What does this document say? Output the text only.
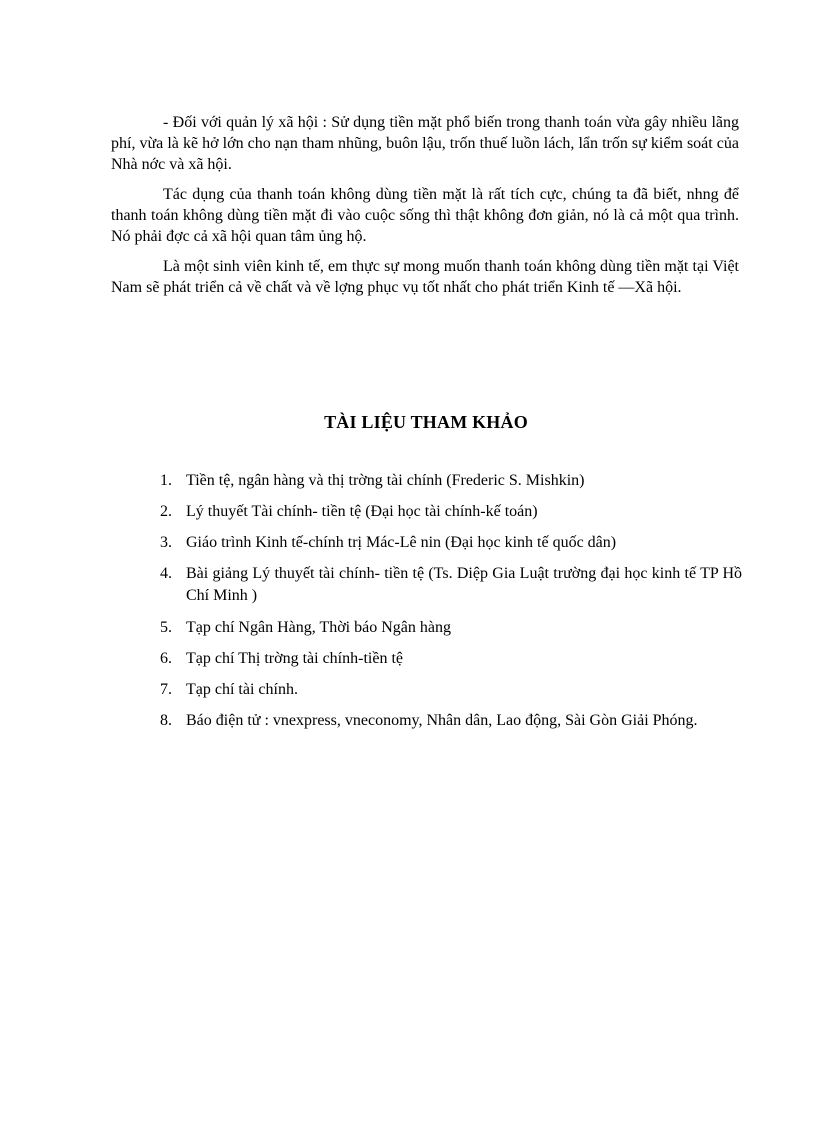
- Đối với quản lý xã hội : Sử dụng tiền mặt phổ biến trong thanh toán vừa gây nhiều lãng phí, vừa là kẽ hở lớn cho nạn tham nhũng, buôn lậu, trốn thuế luồn lách, lẩn trốn sự kiểm soát của Nhà nớc và xã hội.

Tác dụng của thanh toán không dùng tiền mặt là rất tích cực, chúng ta đã biết, nhng để thanh toán không dùng tiền mặt đi vào cuộc sống thì thật không đơn giản, nó là cả một qua trình. Nó phải đợc cả xã hội quan tâm ủng hộ.

Là một sinh viên kinh tế, em thực sự mong muốn thanh toán không dùng tiền mặt tại Việt Nam sẽ phát triển cả về chất và về lợng phục vụ tốt nhất cho phát triển Kinh tế —Xã hội.

TÀI LIỆU THAM KHẢO
1. Tiền tệ, ngân hàng và thị trờng tài chính (Frederic S. Mishkin)
2. Lý thuyết Tài chính- tiền tệ (Đại học tài chính-kế toán)
3. Giáo trình Kinh tế-chính trị Mác-Lê nin (Đại học kinh tế quốc dân)
4. Bài giảng Lý thuyết tài chính- tiền tệ (Ts. Diệp Gia Luật trường đại học kinh tế TP Hồ Chí Minh )
5. Tạp chí Ngân Hàng, Thời báo Ngân hàng
6. Tạp chí Thị trờng tài chính-tiền tệ
7. Tạp chí tài chính.
8. Báo điện tử : vnexpress, vneconomy, Nhân dân, Lao động, Sài Gòn Giải Phóng.
